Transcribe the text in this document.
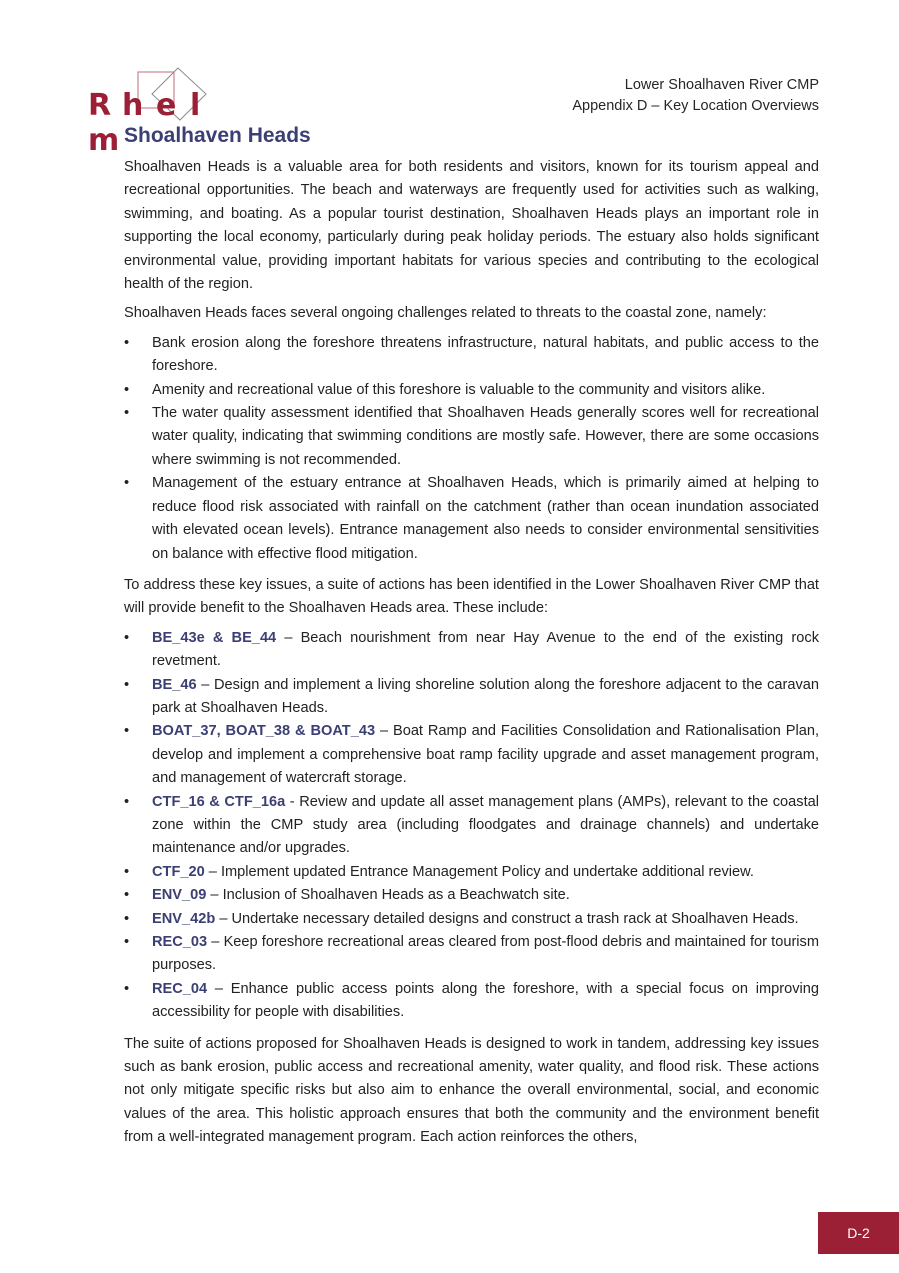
R h e lm
Lower Shoalhaven River CMP
Appendix D – Key Location Overviews
Shoalhaven Heads

Shoalhaven Heads is a valuable area for both residents and visitors, known for its tourism appeal and recreational opportunities. The beach and waterways are frequently used for activities such as walking, swimming, and boating. As a popular tourist destination, Shoalhaven Heads plays an important role in supporting the local economy, particularly during peak holiday periods. The estuary also holds significant environmental value, providing important habitats for various species and contributing to the ecological health of the region.

Shoalhaven Heads faces several ongoing challenges related to threats to the coastal zone, namely:

•	Bank erosion along the foreshore threatens infrastructure, natural habitats, and public access to the foreshore.
•	Amenity and recreational value of this foreshore is valuable to the community and visitors alike.
•	The water quality assessment identified that Shoalhaven Heads generally scores well for recreational water quality, indicating that swimming conditions are mostly safe. However, there are some occasions where swimming is not recommended.
•	Management of the estuary entrance at Shoalhaven Heads, which is primarily aimed at helping to reduce flood risk associated with rainfall on the catchment (rather than ocean inundation associated with elevated ocean levels). Entrance management also needs to consider environmental sensitivities on balance with effective flood mitigation.

To address these key issues, a suite of actions has been identified in the Lower Shoalhaven River CMP that will provide benefit to the Shoalhaven Heads area. These include:

•	BE_43e & BE_44 – Beach nourishment from near Hay Avenue to the end of the existing rock revetment.
•	BE_46 – Design and implement a living shoreline solution along the foreshore adjacent to the caravan park at Shoalhaven Heads.
•	BOAT_37, BOAT_38 & BOAT_43 – Boat Ramp and Facilities Consolidation and Rationalisation Plan, develop and implement a comprehensive boat ramp facility upgrade and asset management program, and management of watercraft storage.
•	CTF_16 & CTF_16a - Review and update all asset management plans (AMPs), relevant to the coastal zone within the CMP study area (including floodgates and drainage channels) and undertake maintenance and/or upgrades.
•	CTF_20 – Implement updated Entrance Management Policy and undertake additional review.
•	ENV_09 – Inclusion of Shoalhaven Heads as a Beachwatch site.
•	ENV_42b – Undertake necessary detailed designs and construct a trash rack at Shoalhaven Heads.
•	REC_03 – Keep foreshore recreational areas cleared from post-flood debris and maintained for tourism purposes.
•	REC_04 – Enhance public access points along the foreshore, with a special focus on improving accessibility for people with disabilities.

The suite of actions proposed for Shoalhaven Heads is designed to work in tandem, addressing key issues such as bank erosion, public access and recreational amenity, water quality, and flood risk. These actions not only mitigate specific risks but also aim to enhance the overall environmental, social, and economic values of the area. This holistic approach ensures that both the community and the environment benefit from a well-integrated management program. Each action reinforces the others,

D-2
